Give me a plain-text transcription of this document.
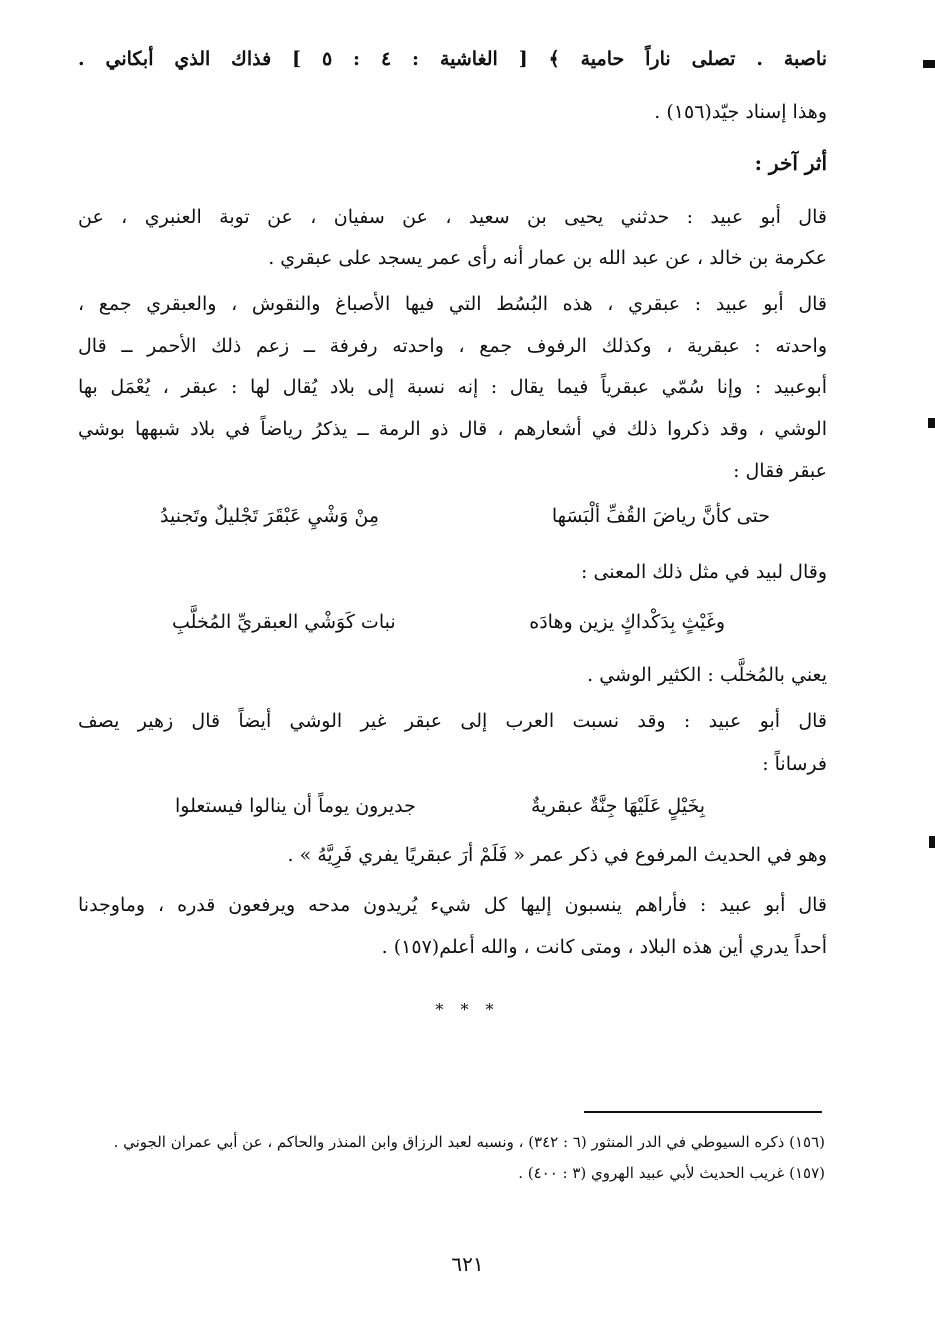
ناصبة . تصلى ناراً حامية ﴾ [ الغاشية : ٤ : ٥ ] فذاك الذي أبكاني .
وهذا إسناد جيّد(١٥٦) .
أثر آخر :
قال أبو عبيد : حدثني يحيى بن سعيد ، عن سفيان ، عن توبة العنبري ، عن
عكرمة بن خالد ، عن عبد الله بن عمار أنه رأى عمر يسجد على عبقري .
قال أبو عبيد : عبقري ، هذه البُسُط التي فيها الأصباغ والنقوش ، والعبقري جمع ،
واحدته : عبقرية ، وكذلك الرفوف جمع ، واحدته رفرفة ــ زعم ذلك الأحمر ــ قال
أبوعبيد : وإنا سُمّي عبقرياً فيما يقال : إنه نسبة إلى بلاد يُقال لها : عبقر ، يُعْمَل بها
الوشي ، وقد ذكروا ذلك في أشعارهم ، قال ذو الرمة ــ يذكرُ رياضاً في بلاد شبهها بوشي
عبقر فقال :
حتى كأنَّ رياضَ القُفِّ ألْبَسَها
مِنْ وَشْيِ عَبْقَرَ تَجْليلٌ وتَجنيدُ
وقال لبيد في مثل ذلك المعنى :
وغَيْثٍ بِدَكْداكٍ يزين وهادَه
نبات كَوَشْي العبقريِّ المُخلَّبِ
يعني بالمُخلَّب : الكثير الوشي .
قال أبو عبيد : وقد نسبت العرب إلى عبقر غير الوشي أيضاً قال زهير يصف
فرساناً :
بِخَيْلٍ عَلَيْهَا جِنَّةٌ عبقريةٌ
جديرون يوماً أن ينالوا فيستعلوا
وهو في الحديث المرفوع في ذكر عمر « فَلَمْ أرَ عبقريًا يفري فَرِيَّهُ » .
قال أبو عبيد : فأراهم ينسبون إليها كل شيء يُريدون مدحه ويرفعون قدره ، وماوجدنا
أحداً يدري أين هذه البلاد ، ومتى كانت ، والله أعلم(١٥٧) .
* * *
(١٥٦) ذكره السيوطي في الدر المنثور (٦ : ٣٤٢) ، ونسبه لعبد الرزاق وابن المنذر والحاكم ، عن أبي عمران الجوني .
(١٥٧) غريب الحديث لأبي عبيد الهروي (٣ : ٤٠٠) .
٦٢١
